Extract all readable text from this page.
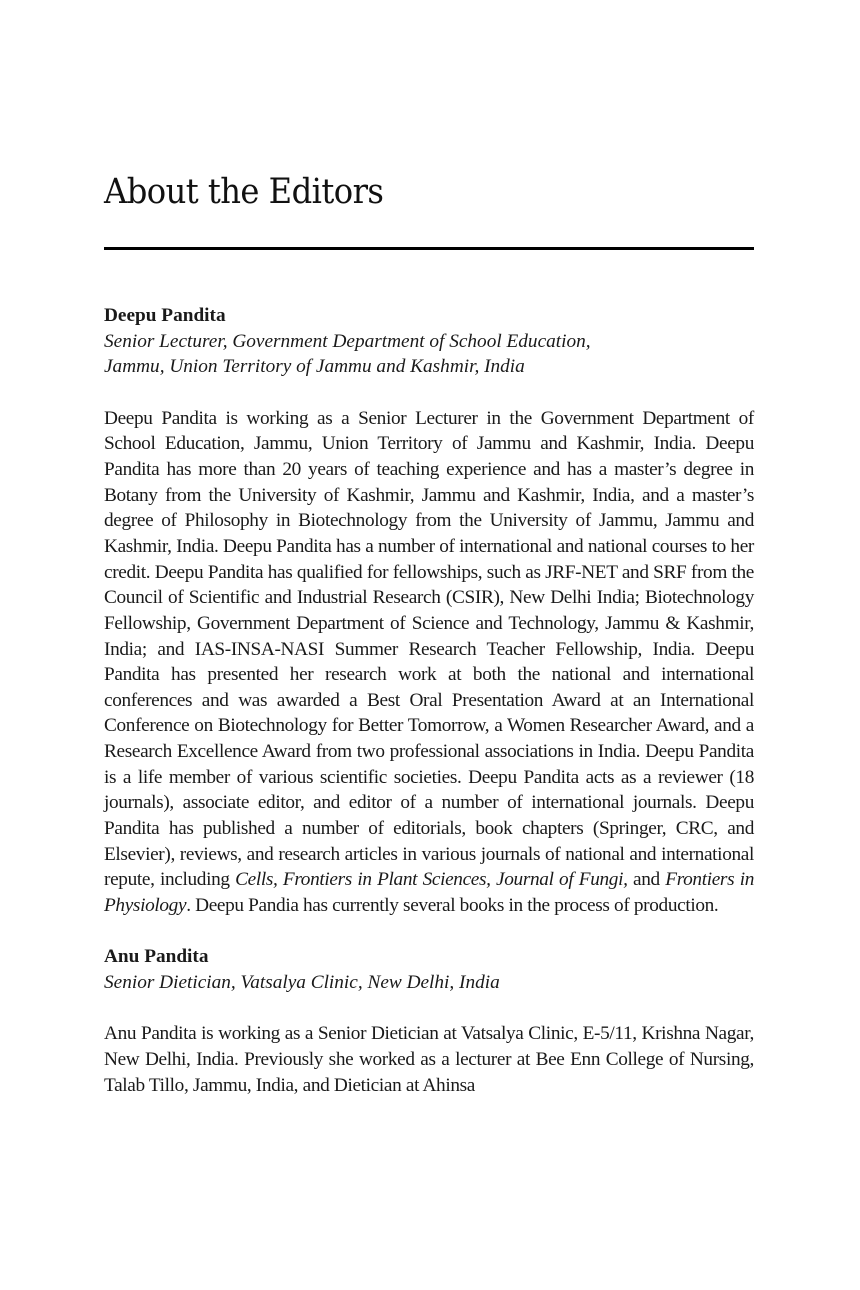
About the Editors
Deepu Pandita
Senior Lecturer, Government Department of School Education,
Jammu, Union Territory of Jammu and Kashmir, India

Deepu Pandita is working as a Senior Lecturer in the Government Department of School Education, Jammu, Union Territory of Jammu and Kashmir, India. Deepu Pandita has more than 20 years of teaching experience and has a master’s degree in Botany from the University of Kashmir, Jammu and Kashmir, India, and a master’s degree of Philosophy in Biotechnology from the University of Jammu, Jammu and Kashmir, India. Deepu Pandita has a number of international and national courses to her credit. Deepu Pandita has qualified for fellowships, such as JRF-NET and SRF from the Council of Scientific and Industrial Research (CSIR), New Delhi India; Biotechnology Fellowship, Government Department of Science and Technology, Jammu & Kashmir, India; and IAS-INSA-NASI Summer Research Teacher Fellowship, India. Deepu Pandita has presented her research work at both the national and international conferences and was awarded a Best Oral Presentation Award at an International Conference on Biotechnology for Better Tomorrow, a Women Researcher Award, and a Research Excellence Award from two professional associations in India. Deepu Pandita is a life member of various scientific societies. Deepu Pandita acts as a reviewer (18 journals), associate editor, and editor of a number of international journals. Deepu Pandita has published a number of editorials, book chapters (Springer, CRC, and Elsevier), reviews, and research articles in various journals of national and international repute, including Cells, Frontiers in Plant Sciences, Journal of Fungi, and Frontiers in Physiology. Deepu Pandia has currently several books in the process of production.

Anu Pandita
Senior Dietician, Vatsalya Clinic, New Delhi, India

Anu Pandita is working as a Senior Dietician at Vatsalya Clinic, E-5/11, Krishna Nagar, New Delhi, India. Previously she worked as a lecturer at Bee Enn College of Nursing, Talab Tillo, Jammu, India, and Dietician at Ahinsa
